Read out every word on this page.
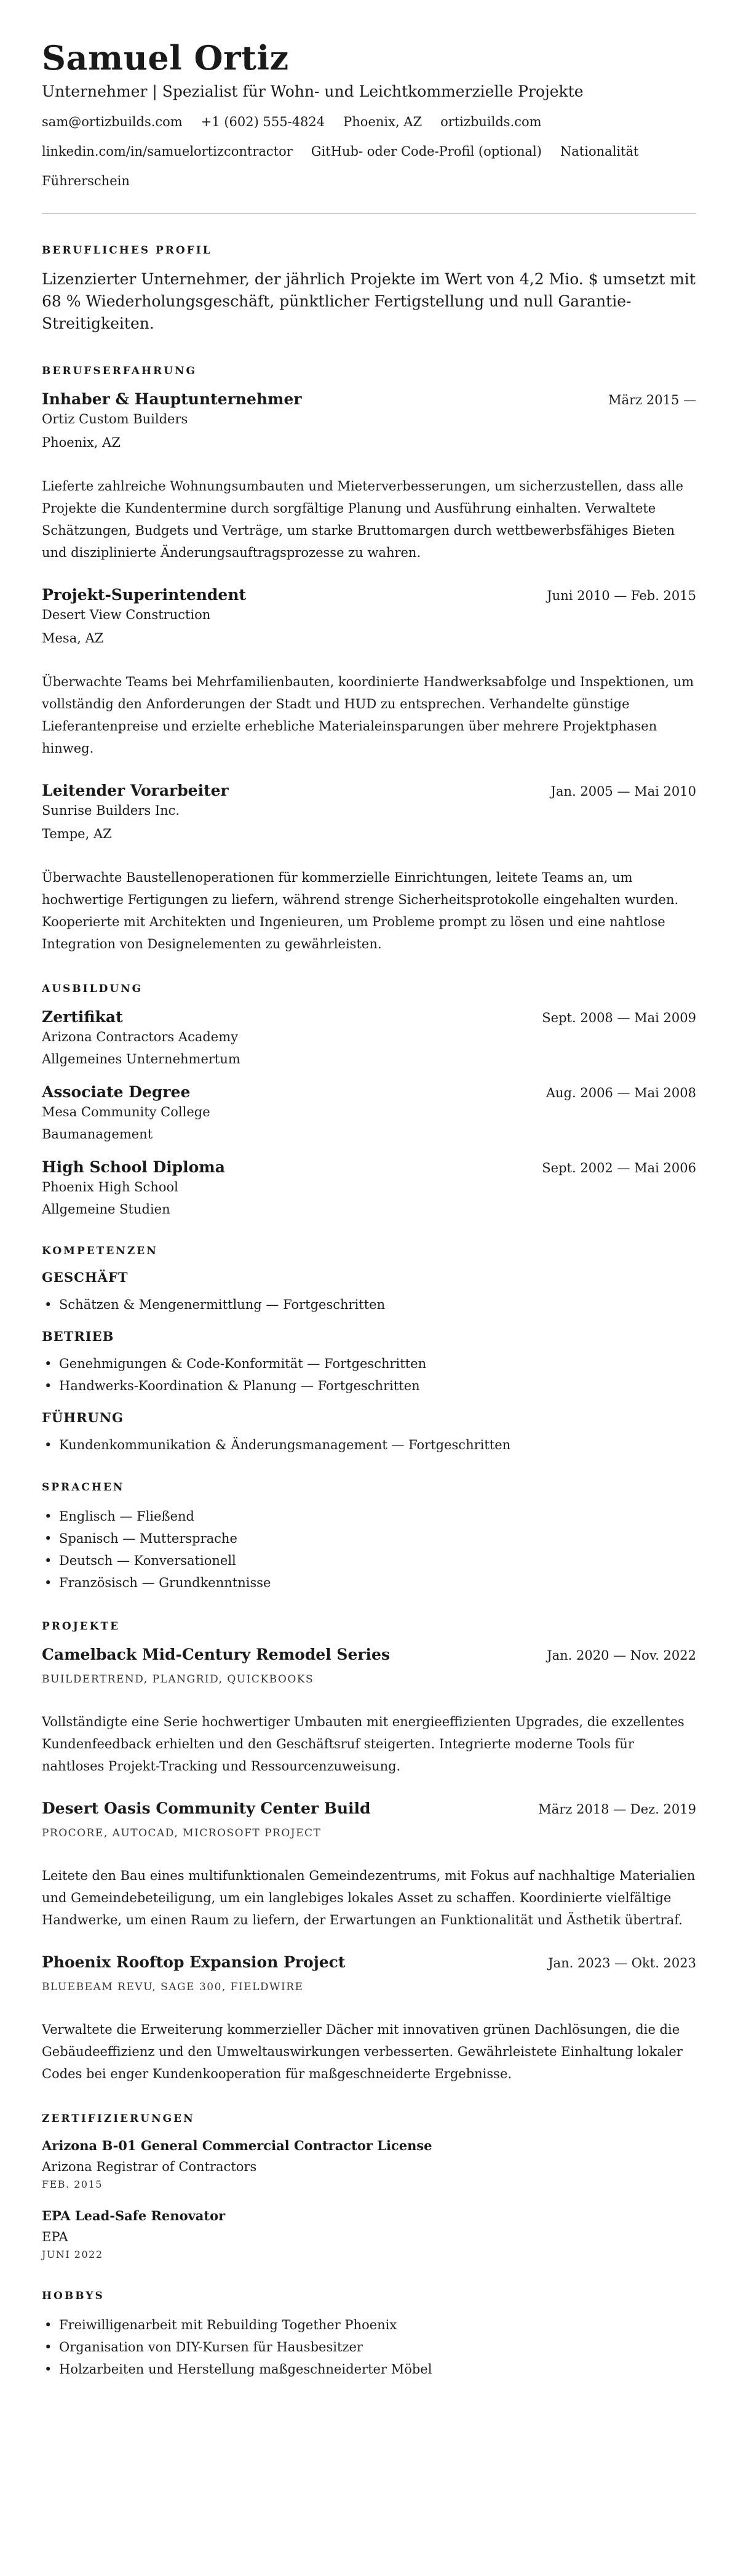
Samuel Ortiz
Unternehmer | Spezialist für Wohn- und Leichtkommerzielle Projekte
sam@ortizbuilds.com +1 (602) 555-4824 Phoenix, AZ ortizbuilds.com
linkedin.com/in/samuelortizcontractor GitHub- oder Code-Profil (optional) Nationalität
Führerschein
BERUFLICHES PROFIL

Lizenzierter Unternehmer, der jährlich Projekte im Wert von 4,2 Mio. $ umsetzt mit 68 % Wiederholungsgeschäft, pünktlicher Fertigstellung und null Garantie-Streitigkeiten.

BERUFSERFAHRUNG
Inhaber & Hauptunternehmer	März 2015 —
Ortiz Custom Builders
Phoenix, AZ

Lieferte zahlreiche Wohnungsumbauten und Mieterverbesserungen, um sicherzustellen, dass alle Projekte die Kundentermine durch sorgfältige Planung und Ausführung einhalten. Verwaltete Schätzungen, Budgets und Verträge, um starke Bruttomargen durch wettbewerbsfähiges Bieten und disziplinierte Änderungsauftragsprozesse zu wahren.

Projekt-Superintendent	Juni 2010 — Feb. 2015
Desert View Construction
Mesa, AZ

Überwachte Teams bei Mehrfamilienbauten, koordinierte Handwerksabfolge und Inspektionen, um vollständig den Anforderungen der Stadt und HUD zu entsprechen. Verhandelte günstige Lieferantenpreise und erzielte erhebliche Materialeinsparungen über mehrere Projektphasen hinweg.

Leitender Vorarbeiter	Jan. 2005 — Mai 2010
Sunrise Builders Inc.
Tempe, AZ

Überwachte Baustellenoperationen für kommerzielle Einrichtungen, leitete Teams an, um hochwertige Fertigungen zu liefern, während strenge Sicherheitsprotokolle eingehalten wurden. Kooperierte mit Architekten und Ingenieuren, um Probleme prompt zu lösen und eine nahtlose Integration von Designelementen zu gewährleisten.

AUSBILDUNG
Zertifikat	Sept. 2008 — Mai 2009
Arizona Contractors Academy
Allgemeines Unternehmertum
Associate Degree	Aug. 2006 — Mai 2008
Mesa Community College
Baumanagement
High School Diploma	Sept. 2002 — Mai 2006
Phoenix High School
Allgemeine Studien
KOMPETENZEN
GESCHÄFT
• Schätzen & Mengenermittlung — Fortgeschritten
BETRIEB
• Genehmigungen & Code-Konformität — Fortgeschritten
• Handwerks-Koordination & Planung — Fortgeschritten
FÜHRUNG
• Kundenkommunikation & Änderungsmanagement — Fortgeschritten
SPRACHEN
• Englisch — Fließend
• Spanisch — Muttersprache
• Deutsch — Konversationell
• Französisch — Grundkenntnisse
PROJEKTE
Camelback Mid-Century Remodel Series	Jan. 2020 — Nov. 2022
BUILDERTREND, PLANGRID, QUICKBOOKS

Vollständigte eine Serie hochwertiger Umbauten mit energieeffizienten Upgrades, die exzellentes Kundenfeedback erhielten und den Geschäftsruf steigerten. Integrierte moderne Tools für nahtloses Projekt-Tracking und Ressourcenzuweisung.

Desert Oasis Community Center Build	März 2018 — Dez. 2019
PROCORE, AUTOCAD, MICROSOFT PROJECT

Leitete den Bau eines multifunktionalen Gemeindezentrums, mit Fokus auf nachhaltige Materialien und Gemeindebeteiligung, um ein langlebiges lokales Asset zu schaffen. Koordinierte vielfältige Handwerke, um einen Raum zu liefern, der Erwartungen an Funktionalität und Ästhetik übertraf.

Phoenix Rooftop Expansion Project	Jan. 2023 — Okt. 2023
BLUEBEAM REVU, SAGE 300, FIELDWIRE

Verwaltete die Erweiterung kommerzieller Dächer mit innovativen grünen Dachlösungen, die die Gebäudeeffizienz und den Umweltauswirkungen verbesserten. Gewährleistete Einhaltung lokaler Codes bei enger Kundenkooperation für maßgeschneiderte Ergebnisse.

ZERTIFIZIERUNGEN
Arizona B-01 General Commercial Contractor License
Arizona Registrar of Contractors
FEB. 2015
EPA Lead-Safe Renovator
EPA
JUNI 2022
HOBBYS
• Freiwilligenarbeit mit Rebuilding Together Phoenix
• Organisation von DIY-Kursen für Hausbesitzer
• Holzarbeiten und Herstellung maßgeschneiderter Möbel
